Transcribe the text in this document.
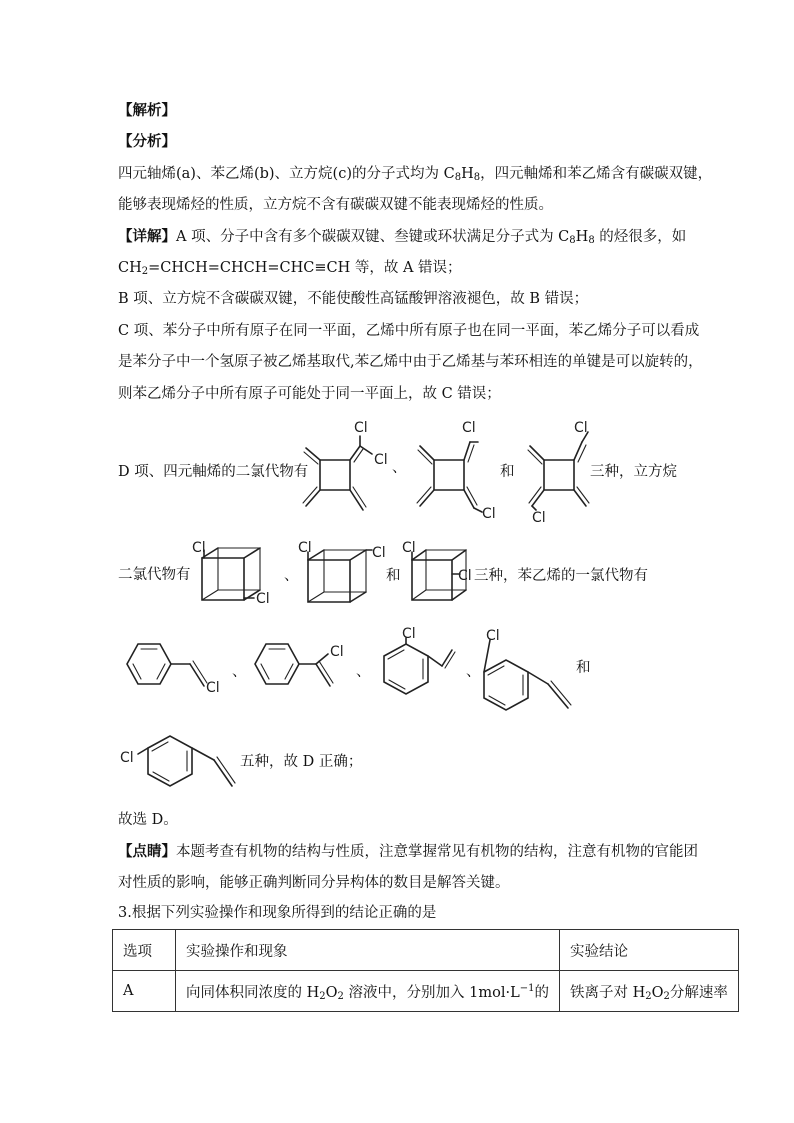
【解析】
【分析】
四元轴烯(a)、苯乙烯(b)、立方烷(c)的分子式均为 $C_8H_8$，四元軸烯和苯乙烯含有碳碳双键，
能够表现烯烃的性质，立方烷不含有碳碳双键不能表现烯烃的性质。
【详解】A 项、分子中含有多个碳碳双键、叁键或环状满足分子式为 $C_8H_8$ 的烃很多，如
$CH_2=CHCH=CHCH=CHC\equiv CH$ 等，故 A 错误；
B 项、立方烷不含碳碳双键，不能使酸性高锰酸钾溶液褪色，故 B 错误；
C 项、苯分子中所有原子在同一平面，乙烯中所有原子也在同一平面，苯乙烯分子可以看成
是苯分子中一个氢原子被乙烯基取代,苯乙烯中由于乙烯基与苯环相连的单键是可以旋转的，
则苯乙烯分子中所有原子可能处于同一平面上，故 C 错误；
D 项、四元軸烯的二氯代物有
Cl
Cl 、
Cl
Cl
和
Cl
Cl
三种，立方烷
二氯代物有
Cl
Cl
、
Cl	Cl
和
Cl
Cl 三种，苯乙烯的一氯代物有
Cl
、
Cl
、
Cl
、
Cl
和
Cl	五种，故 D 正确；
故选 D。
【点睛】本题考查有机物的结构与性质，注意掌握常见有机物的结构，注意有机物的官能团
对性质的影响，能够正确判断同分异构体的数目是解答关键。
3.根据下列实验操作和现象所得到的结论正确的是
选项	实验操作和现象	实验结论
A	向同体积同浓度的 $H_2O_2$ 溶液中，分别加入 $1mol\cdot L^{-1}$的	铁离子对 $H_2O_2$分解速率
